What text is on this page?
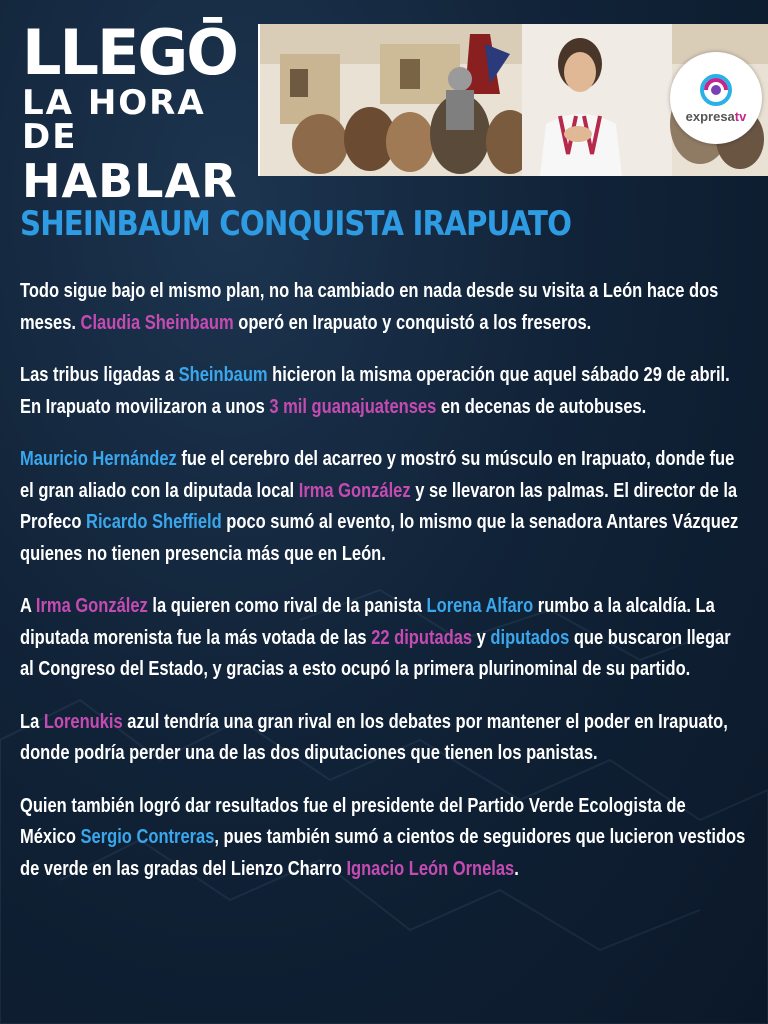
LLEGŌ
LA HORA DE
HABLAR
expresatv
SHEINBAUM CONQUISTA IRAPUATO

Todo sigue bajo el mismo plan, no ha cambiado en nada desde su visita a León hace dos meses. Claudia Sheinbaum operó en Irapuato y conquistó a los freseros.

Las tribus ligadas a Sheinbaum hicieron la misma operación que aquel sábado 29 de abril. En Irapuato movilizaron a unos 3 mil guanajuatenses en decenas de autobuses.

Mauricio Hernández fue el cerebro del acarreo y mostró su músculo en Irapuato, donde fue el gran aliado con la diputada local Irma González y se llevaron las palmas. El director de la Profeco Ricardo Sheffield poco sumó al evento, lo mismo que la senadora Antares Vázquez quienes no tienen presencia más que en León.

A Irma González la quieren como rival de la panista Lorena Alfaro rumbo a la alcaldía. La diputada morenista fue la más votada de las 22 diputadas y diputados que buscaron llegar al Congreso del Estado, y gracias a esto ocupó la primera plurinominal de su partido.

La Lorenukis azul tendría una gran rival en los debates por mantener el poder en Irapuato, donde podría perder una de las dos diputaciones que tienen los panistas.

Quien también logró dar resultados fue el presidente del Partido Verde Ecologista de México Sergio Contreras, pues también sumó a cientos de seguidores que lucieron vestidos de verde en las gradas del Lienzo Charro Ignacio León Ornelas.
